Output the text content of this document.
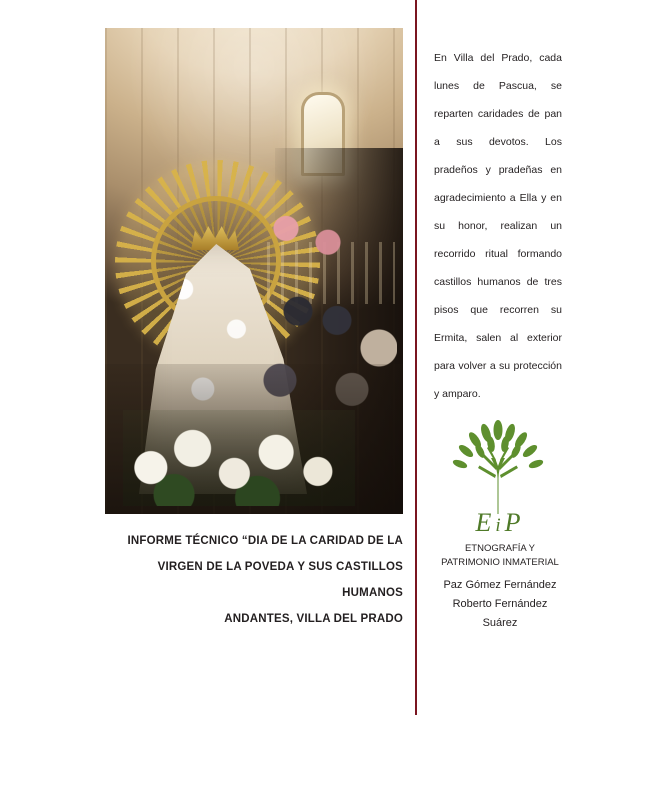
INFORME TÉCNICO “DIA DE LA CARIDAD DE LA
VIRGEN DE LA POVEDA Y SUS CASTILLOS HUMANOS
ANDANTES, VILLA DEL PRADO

En Villa del Prado, cada lunes de Pascua, se reparten caridades de pan a sus devotos. Los pradeños y pradeñas en agradecimiento a Ella y en su honor, realizan un recorrido ritual formando castillos humanos de tres pisos que recorren su Ermita, salen al exterior para volver a su protección y amparo.

EiP
ETNOGRAFÍA Y
PATRIMONIO INMATERIAL
Paz Gómez Fernández
Roberto Fernández
Suárez
